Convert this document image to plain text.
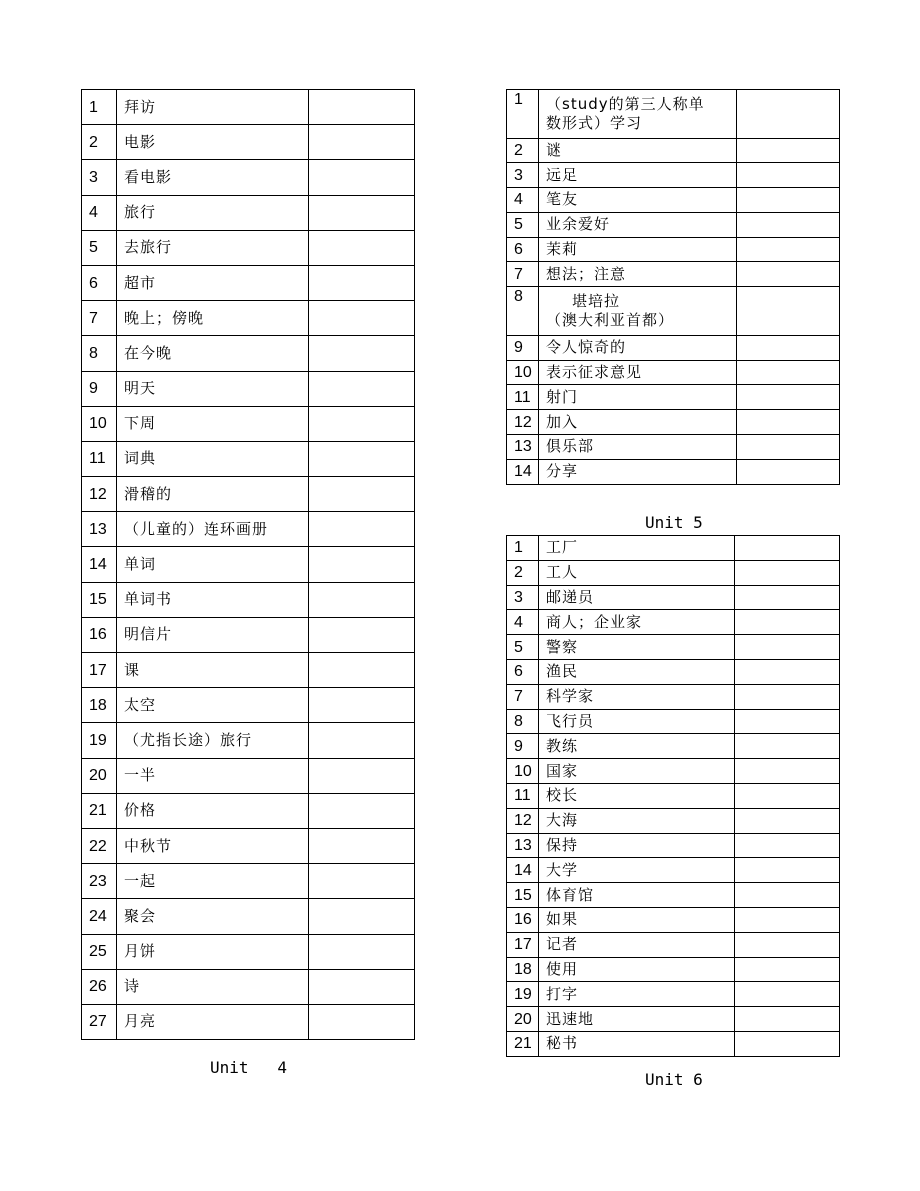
1	拜访	
2	电影	
3	看电影	
4	旅行	
5	去旅行	
6	超市	
7	晚上；傍晚	
8	在今晚	
9	明天	
10	下周	
11	词典	
12	滑稽的	
13	（儿童的）连环画册	
14	单词	
15	单词书	
16	明信片	
17	课	
18	太空	
19	（尤指长途）旅行	
20	一半	
21	价格	
22	中秋节	
23	一起	
24	聚会	
25	月饼	
26	诗	
27	月亮	
Unit   4
1	（study的第三人称单
数形式）学习	

2	谜	
3	远足	
4	笔友	
5	业余爱好	
6	茉莉	
7	想法；注意	
8	堪培拉
（澳大利亚首都）	

9	令人惊奇的	
10	表示征求意见	
11	射门	
12	加入	
13	俱乐部	
14	分享	
Unit 5
1	工厂	
2	工人	
3	邮递员	
4	商人；企业家	
5	警察	
6	渔民	
7	科学家	
8	飞行员	
9	教练	
10	国家	
11	校长	
12	大海	
13	保持	
14	大学	
15	体育馆	
16	如果	
17	记者	
18	使用	
19	打字	
20	迅速地	
21	秘书	
Unit 6
